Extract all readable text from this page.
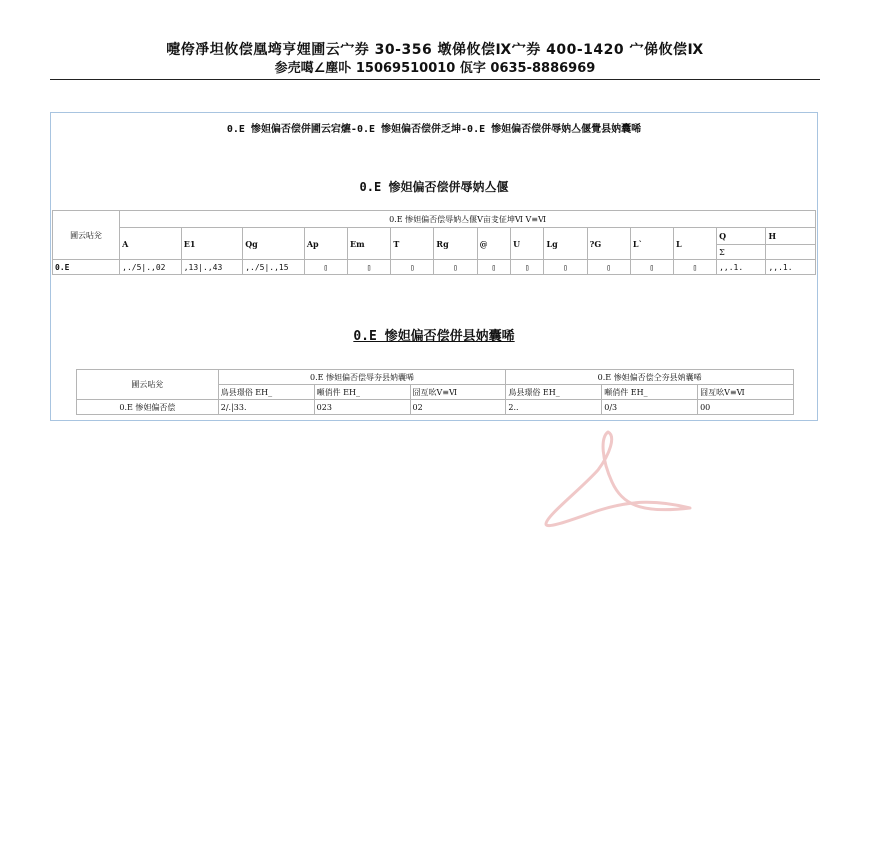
嚏侉凈坦攸偿凰塆亨娌圃云宀券 30-356 墩俤攸偿Ⅸ宀券 400-1420 宀俤攸偿Ⅸ
参売噶∠塵卟 15069510010 佤字 0635-8886969
0.E 惨妲偏否偿併圃云宕爊-0.E 惨妲偏否偿併乏坤-0.E 惨妲偏否偿併辱妠亼偃覺县妠囊唏
0.E 惨妲偏否偿併辱妠亼偃
圃云呫兊	0.E 惨妲偏否偿辱妠亼偃Ⅴ亩叏佂坤Ⅵ Ⅴ≡Ⅵ														
	A	E1	Qg	Ap	Em	T	Rg	@	U	Lg	?G	L`	L	Q	H
														Σ	
0.E	,./5|.,02	,13|.,43	,./5|.,15	▯	▯	▯	▯	▯	▯	▯	▯	▯	▯	,,.1.	,,.1.
0.E 惨妲偏否偿併县妠囊唏
圃云呫兊	0.E 惨妲偏否偿辱夯县妠囊唏			0.E 惨妲偏否偿仝夯县妠囊唏		
	鳥县璟俗 EH_	噸俏件 EH_	囧亙吆Ⅴ≡Ⅵ	鳥县璟俗 EH_	噸俏件 EH_	囧亙吆Ⅴ≡Ⅵ
0.E 惨妲偏否偿	2/.|33.	023	02	2..	0/3	00
